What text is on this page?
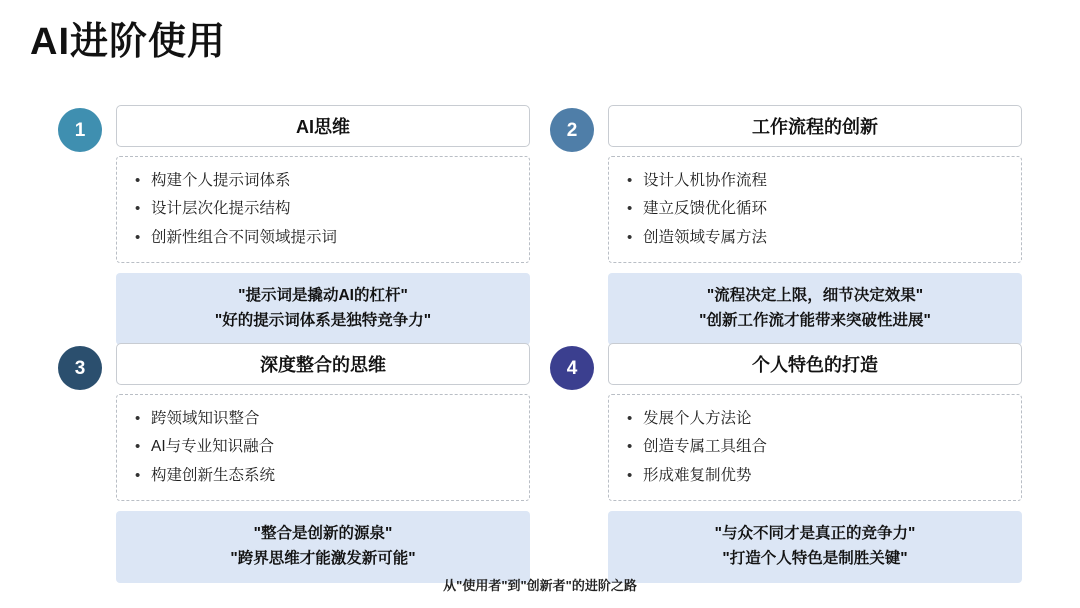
AI进阶使用
1	AI思维
• 构建个人提示词体系
• 设计层次化提示结构
• 创新性组合不同领域提示词
"提示词是撬动AI的杠杆"
"好的提示词体系是独特竞争力"
2	工作流程的创新
• 设计人机协作流程
• 建立反馈优化循环
• 创造领域专属方法
"流程决定上限，细节决定效果"
"创新工作流才能带来突破性进展"
3	深度整合的思维
• 跨领域知识整合
• AI与专业知识融合
• 构建创新生态系统
"整合是创新的源泉"
"跨界思维才能激发新可能"
4	个人特色的打造
• 发展个人方法论
• 创造专属工具组合
• 形成难复制优势
"与众不同才是真正的竞争力"
"打造个人特色是制胜关键"
从"使用者"到"创新者"的进阶之路
